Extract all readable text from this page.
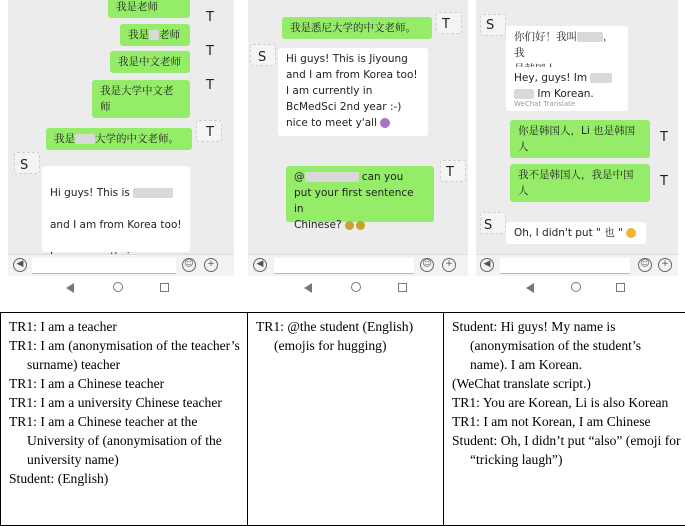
我是老师
T
我是 老师
T
我是中文老师
T
我是大学中文老师
T
我是 大学的中文老师。
S

Hi guys! This is

and I am from Korea too!

◀	☺	+
我是悉尼大学的中文老师。	T
S	Hi guys! This is Jiyoung
and I am from Korea too!
I am currently in
BcMedSci 2nd year :-)
nice to meet y'all
T
@	can you
put your first sentence in
Chinese?
◀	☺	+
S
你们好！我叫 ，我

Hey, guys! Im
Im Korean.
WeChat Translate
你是韩国人，Li 也是韩国
人
T
我不是韩国人，我是中国
人
T
S	Oh, I didn't put " 也 "
◀	☺	+
TR1: I am a teacher
TR1: I am (anonymisation of the teacher’s surname) teacher
TR1: I am a Chinese teacher
TR1: I am a university Chinese teacher
TR1: I am a Chinese teacher at the University of (anonymisation of the university name)
Student: (English)

TR1: @the student (English) (emojis for hugging)

Student: Hi guys! My name is (anonymisation of the student’s name). I am Korean.
(WeChat translate script.)
TR1: You are Korean, Li is also Korean
TR1: I am not Korean, I am Chinese
Student: Oh, I didn’t put “also” (emoji for “tricking laugh”)
